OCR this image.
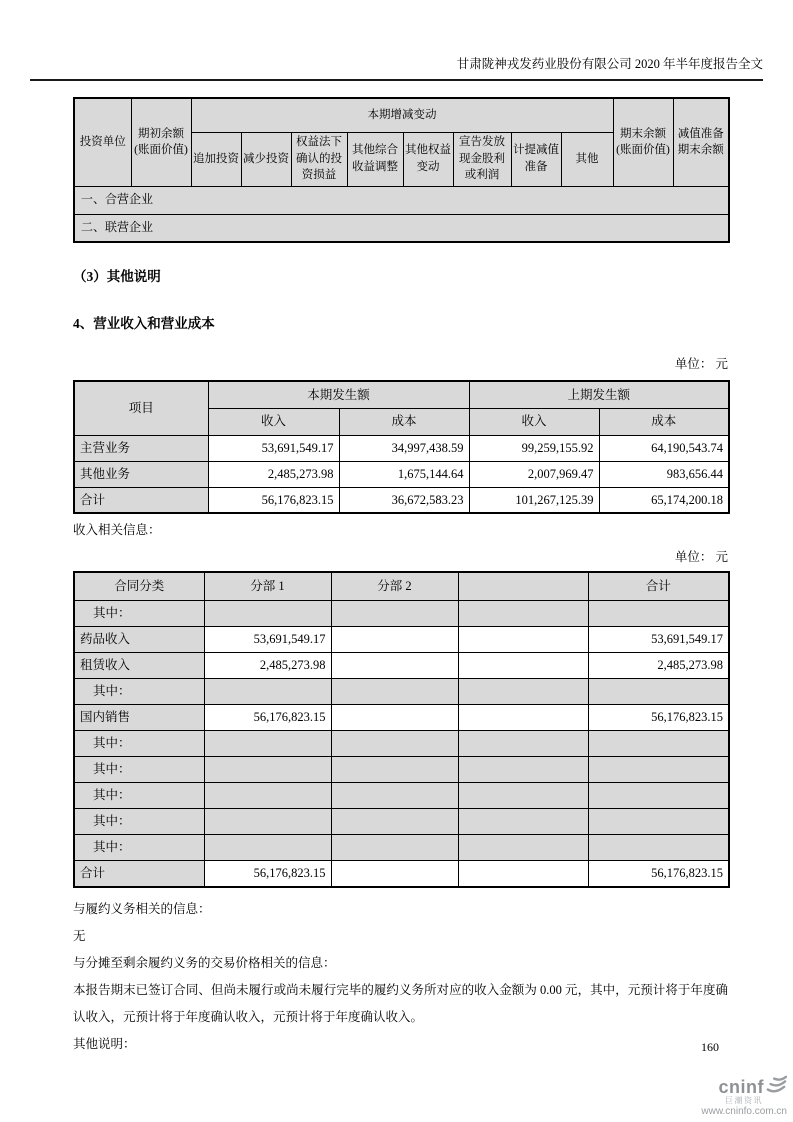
甘肃陇神戎发药业股份有限公司 2020 年半年度报告全文
投资单位	期初余额(账面价值)	本期增减变动								期末余额(账面价值)	减值准备期末余额
		追加投资	减少投资	权益法下确认的投资损益	其他综合收益调整	其他权益变动	宣告发放现金股利或利润	计提减值准备	其他		
一、合营企业											
二、联营企业											
（3）其他说明
4、营业收入和营业成本
单位： 元
项目	本期发生额		上期发生额	
	收入	成本	收入	成本
主营业务	53,691,549.17	34,997,438.59	99,259,155.92	64,190,543.74
其他业务	2,485,273.98	1,675,144.64	2,007,969.47	983,656.44
合计	56,176,823.15	36,672,583.23	101,267,125.39	65,174,200.18
收入相关信息：
单位： 元
合同分类	分部 1	分部 2		合计
其中：				
药品收入	53,691,549.17			53,691,549.17
租赁收入	2,485,273.98			2,485,273.98
其中：				
国内销售	56,176,823.15			56,176,823.15
其中：				
其中：				
其中：				
其中：				
其中：				
合计	56,176,823.15			56,176,823.15

与履约义务相关的信息：

无

与分摊至剩余履约义务的交易价格相关的信息：

本报告期末已签订合同、但尚未履行或尚未履行完毕的履约义务所对应的收入金额为 0.00 元，其中，元预计将于年度确认收入，元预计将于年度确认收入，元预计将于年度确认收入。

其他说明：	160
cninf
巨潮资讯
www.cninfo.com.cn
